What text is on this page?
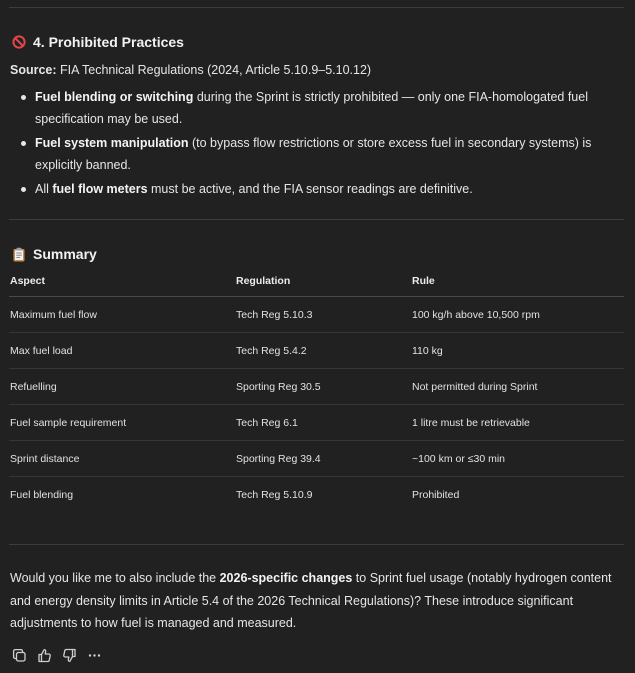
4. Prohibited Practices
Source: FIA Technical Regulations (2024, Article 5.10.9–5.10.12)
Fuel blending or switching during the Sprint is strictly prohibited — only one FIA-homologated fuel specification may be used.
Fuel system manipulation (to bypass flow restrictions or store excess fuel in secondary systems) is explicitly banned.
All fuel flow meters must be active, and the FIA sensor readings are definitive.
Summary
Aspect	Regulation	Rule
Maximum fuel flow	Tech Reg 5.10.3	100 kg/h above 10,500 rpm
Max fuel load	Tech Reg 5.4.2	110 kg
Refuelling	Sporting Reg 30.5	Not permitted during Sprint
Fuel sample requirement	Tech Reg 6.1	1 litre must be retrievable
Sprint distance	Sporting Reg 39.4	~100 km or ≤30 min
Fuel blending	Tech Reg 5.10.9	Prohibited
Would you like me to also include the 2026-specific changes to Sprint fuel usage (notably hydrogen content and energy density limits in Article 5.4 of the 2026 Technical Regulations)? These introduce significant adjustments to how fuel is managed and measured.
